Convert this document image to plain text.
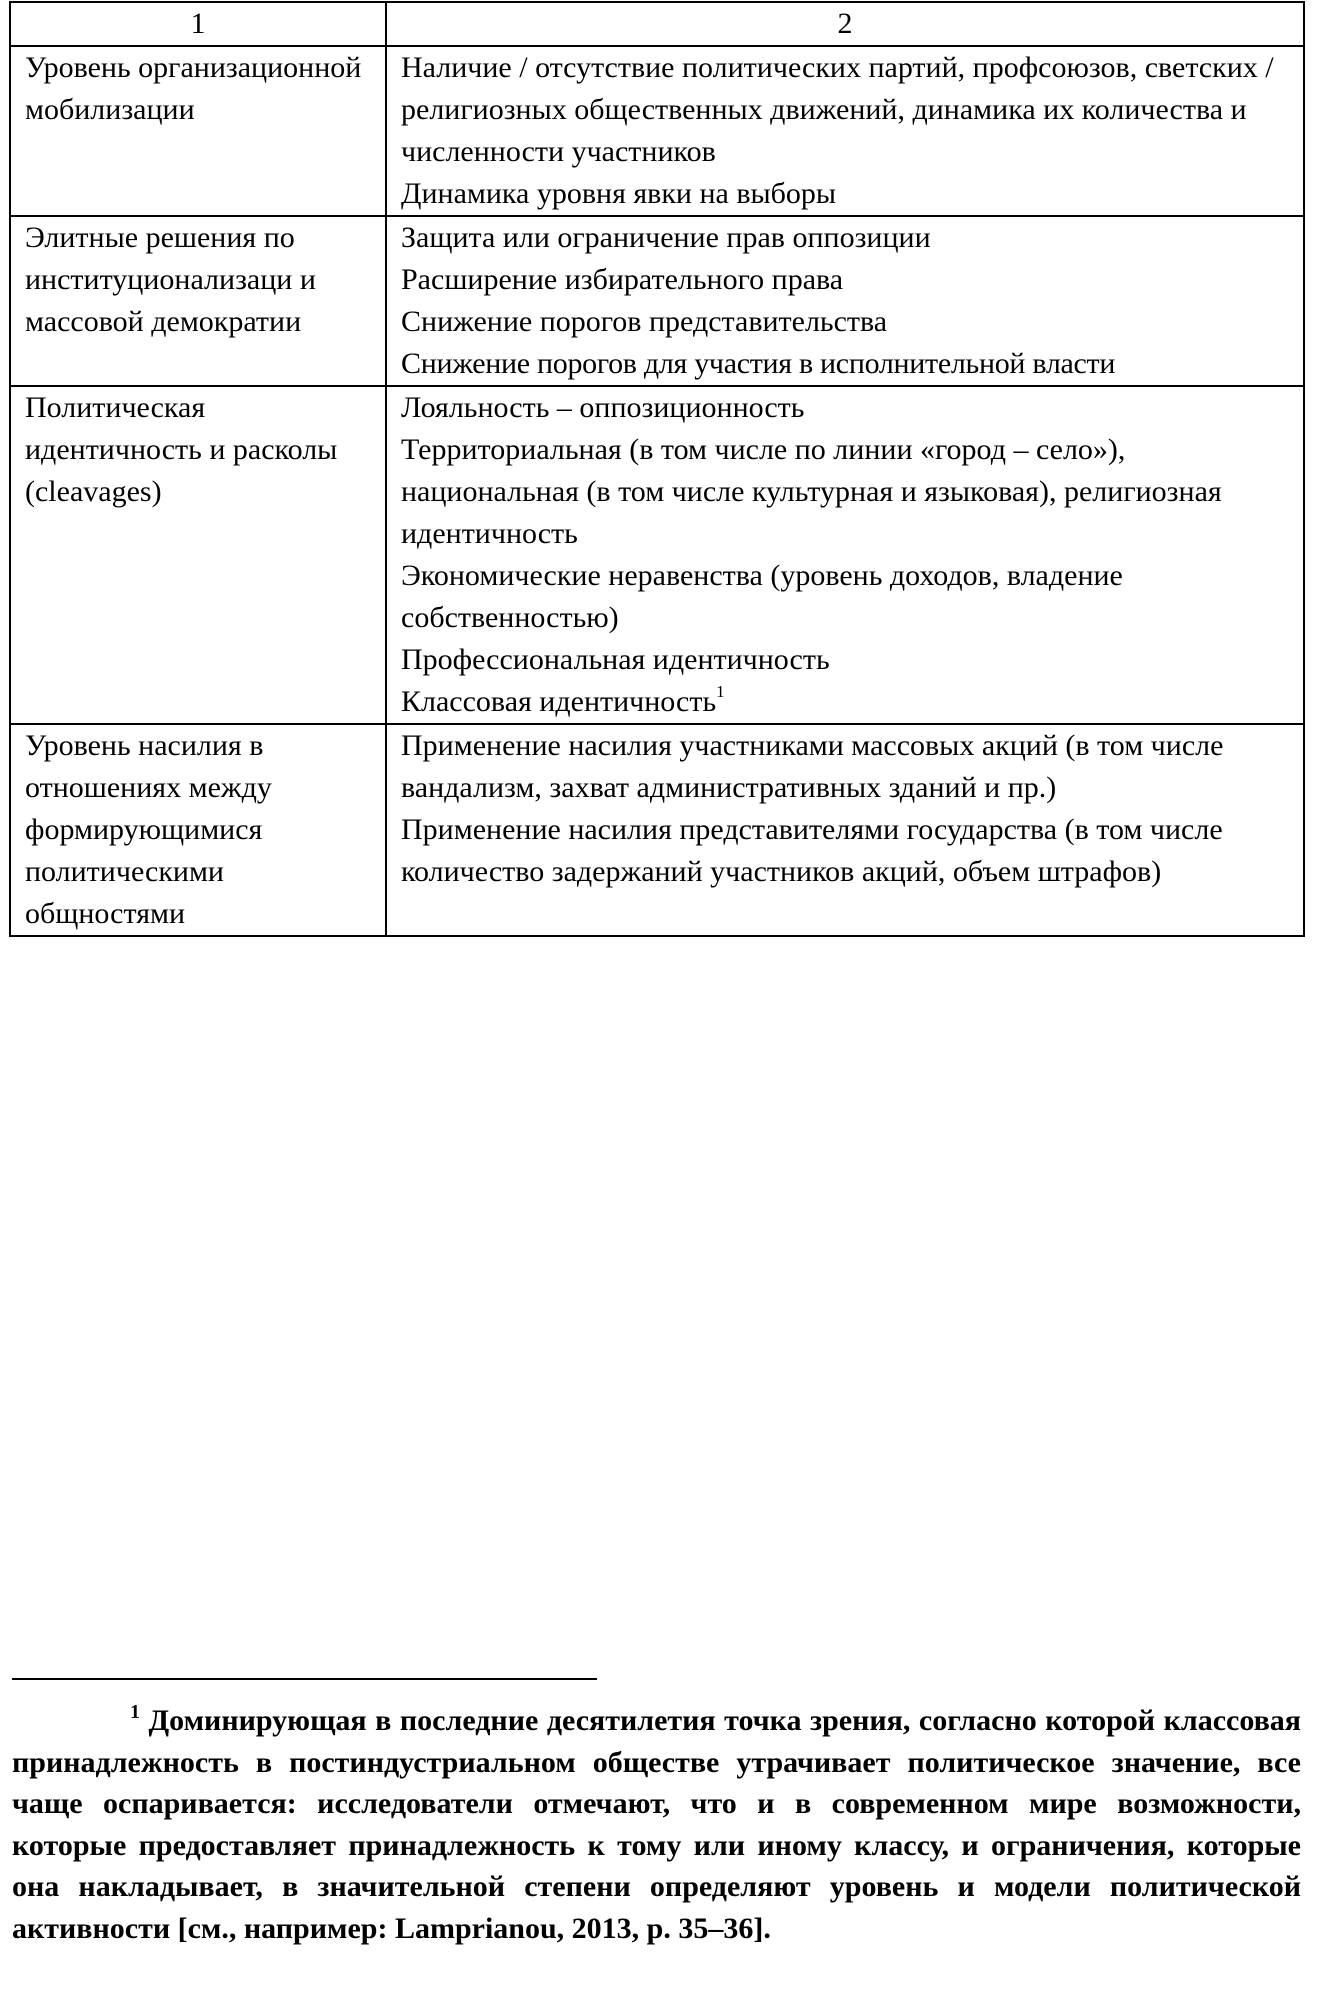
1	2

Уровень организационной мобилизации	Наличие / отсутствие политических партий, профсоюзов, светских / религиозных общественных движений, динамика их количества и численности участников
Динамика уровня явки на выборы

Элитные решения по институционализаци и массовой демократии	Защита или ограничение прав оппозиции
Расширение избирательного права
Снижение порогов представительства
Снижение порогов для участия в исполнительной власти

Политическая идентичность и расколы (cleavages)	Лояльность – оппозиционность
Территориальная (в том числе по линии «город – село»), национальная (в том числе культурная и языковая), религиозная идентичность
Экономические неравенства (уровень доходов, владение собственностью)
Профессиональная идентичность
Классовая идентичность$^1$

Уровень насилия в отношениях между формирующимися политическими общностями	Применение насилия участниками массовых акций (в том числе вандализм, захват административных зданий и пр.)
Применение насилия представителями государства (в том числе количество задержаний участников акций, объем штрафов)

$^1$ Доминирующая в последние десятилетия точка зрения, согласно которой классовая принадлежность в постиндустриальном обществе утрачивает политическое значение, все чаще оспаривается: исследователи отмечают, что и в современном мире возможности, которые предоставляет принадлежность к тому или иному классу, и ограничения, которые она накладывает, в значительной степени определяют уровень и модели политической активности [см., например: Lamprianou, 2013, p. 35–36].
